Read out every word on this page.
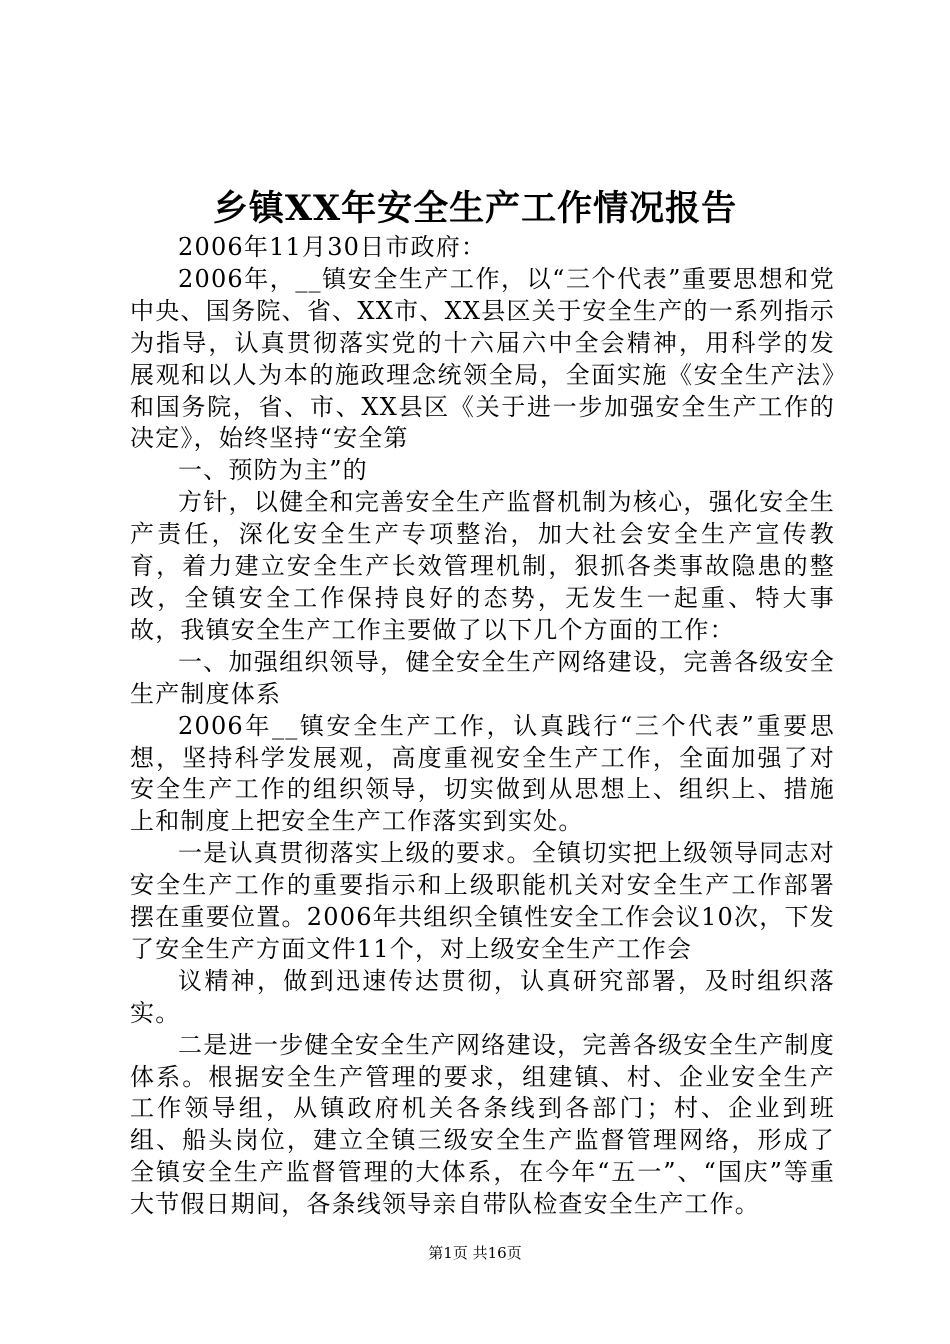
乡镇XX年安全生产工作情况报告

2006年11月30日市政府：

2006年，__镇安全生产工作，以“三个代表”重要思想和党中央、国务院、省、XX市、XX县区关于安全生产的一系列指示为指导，认真贯彻落实党的十六届六中全会精神，用科学的发展观和以人为本的施政理念统领全局，全面实施《安全生产法》和国务院，省、市、XX县区《关于进一步加强安全生产工作的决定》，始终坚持“安全第

一、预防为主”的

方针，以健全和完善安全生产监督机制为核心，强化安全生产责任，深化安全生产专项整治，加大社会安全生产宣传教育，着力建立安全生产长效管理机制，狠抓各类事故隐患的整改，全镇安全工作保持良好的态势，无发生一起重、特大事故，我镇安全生产工作主要做了以下几个方面的工作：

一、加强组织领导，健全安全生产网络建设，完善各级安全生产制度体系

2006年__镇安全生产工作，认真践行“三个代表”重要思想，坚持科学发展观，高度重视安全生产工作，全面加强了对安全生产工作的组织领导，切实做到从思想上、组织上、措施上和制度上把安全生产工作落实到实处。

一是认真贯彻落实上级的要求。全镇切实把上级领导同志对安全生产工作的重要指示和上级职能机关对安全生产工作部署摆在重要位置。2006年共组织全镇性安全工作会议10次，下发了安全生产方面文件11个，对上级安全生产工作会

议精神，做到迅速传达贯彻，认真研究部署，及时组织落实。

二是进一步健全安全生产网络建设，完善各级安全生产制度体系。根据安全生产管理的要求，组建镇、村、企业安全生产工作领导组，从镇政府机关各条线到各部门；村、企业到班组、船头岗位，建立全镇三级安全生产监督管理网络，形成了全镇安全生产监督管理的大体系，在今年“五一”、“国庆”等重大节假日期间，各条线领导亲自带队检查安全生产工作。

第1页 共16页
